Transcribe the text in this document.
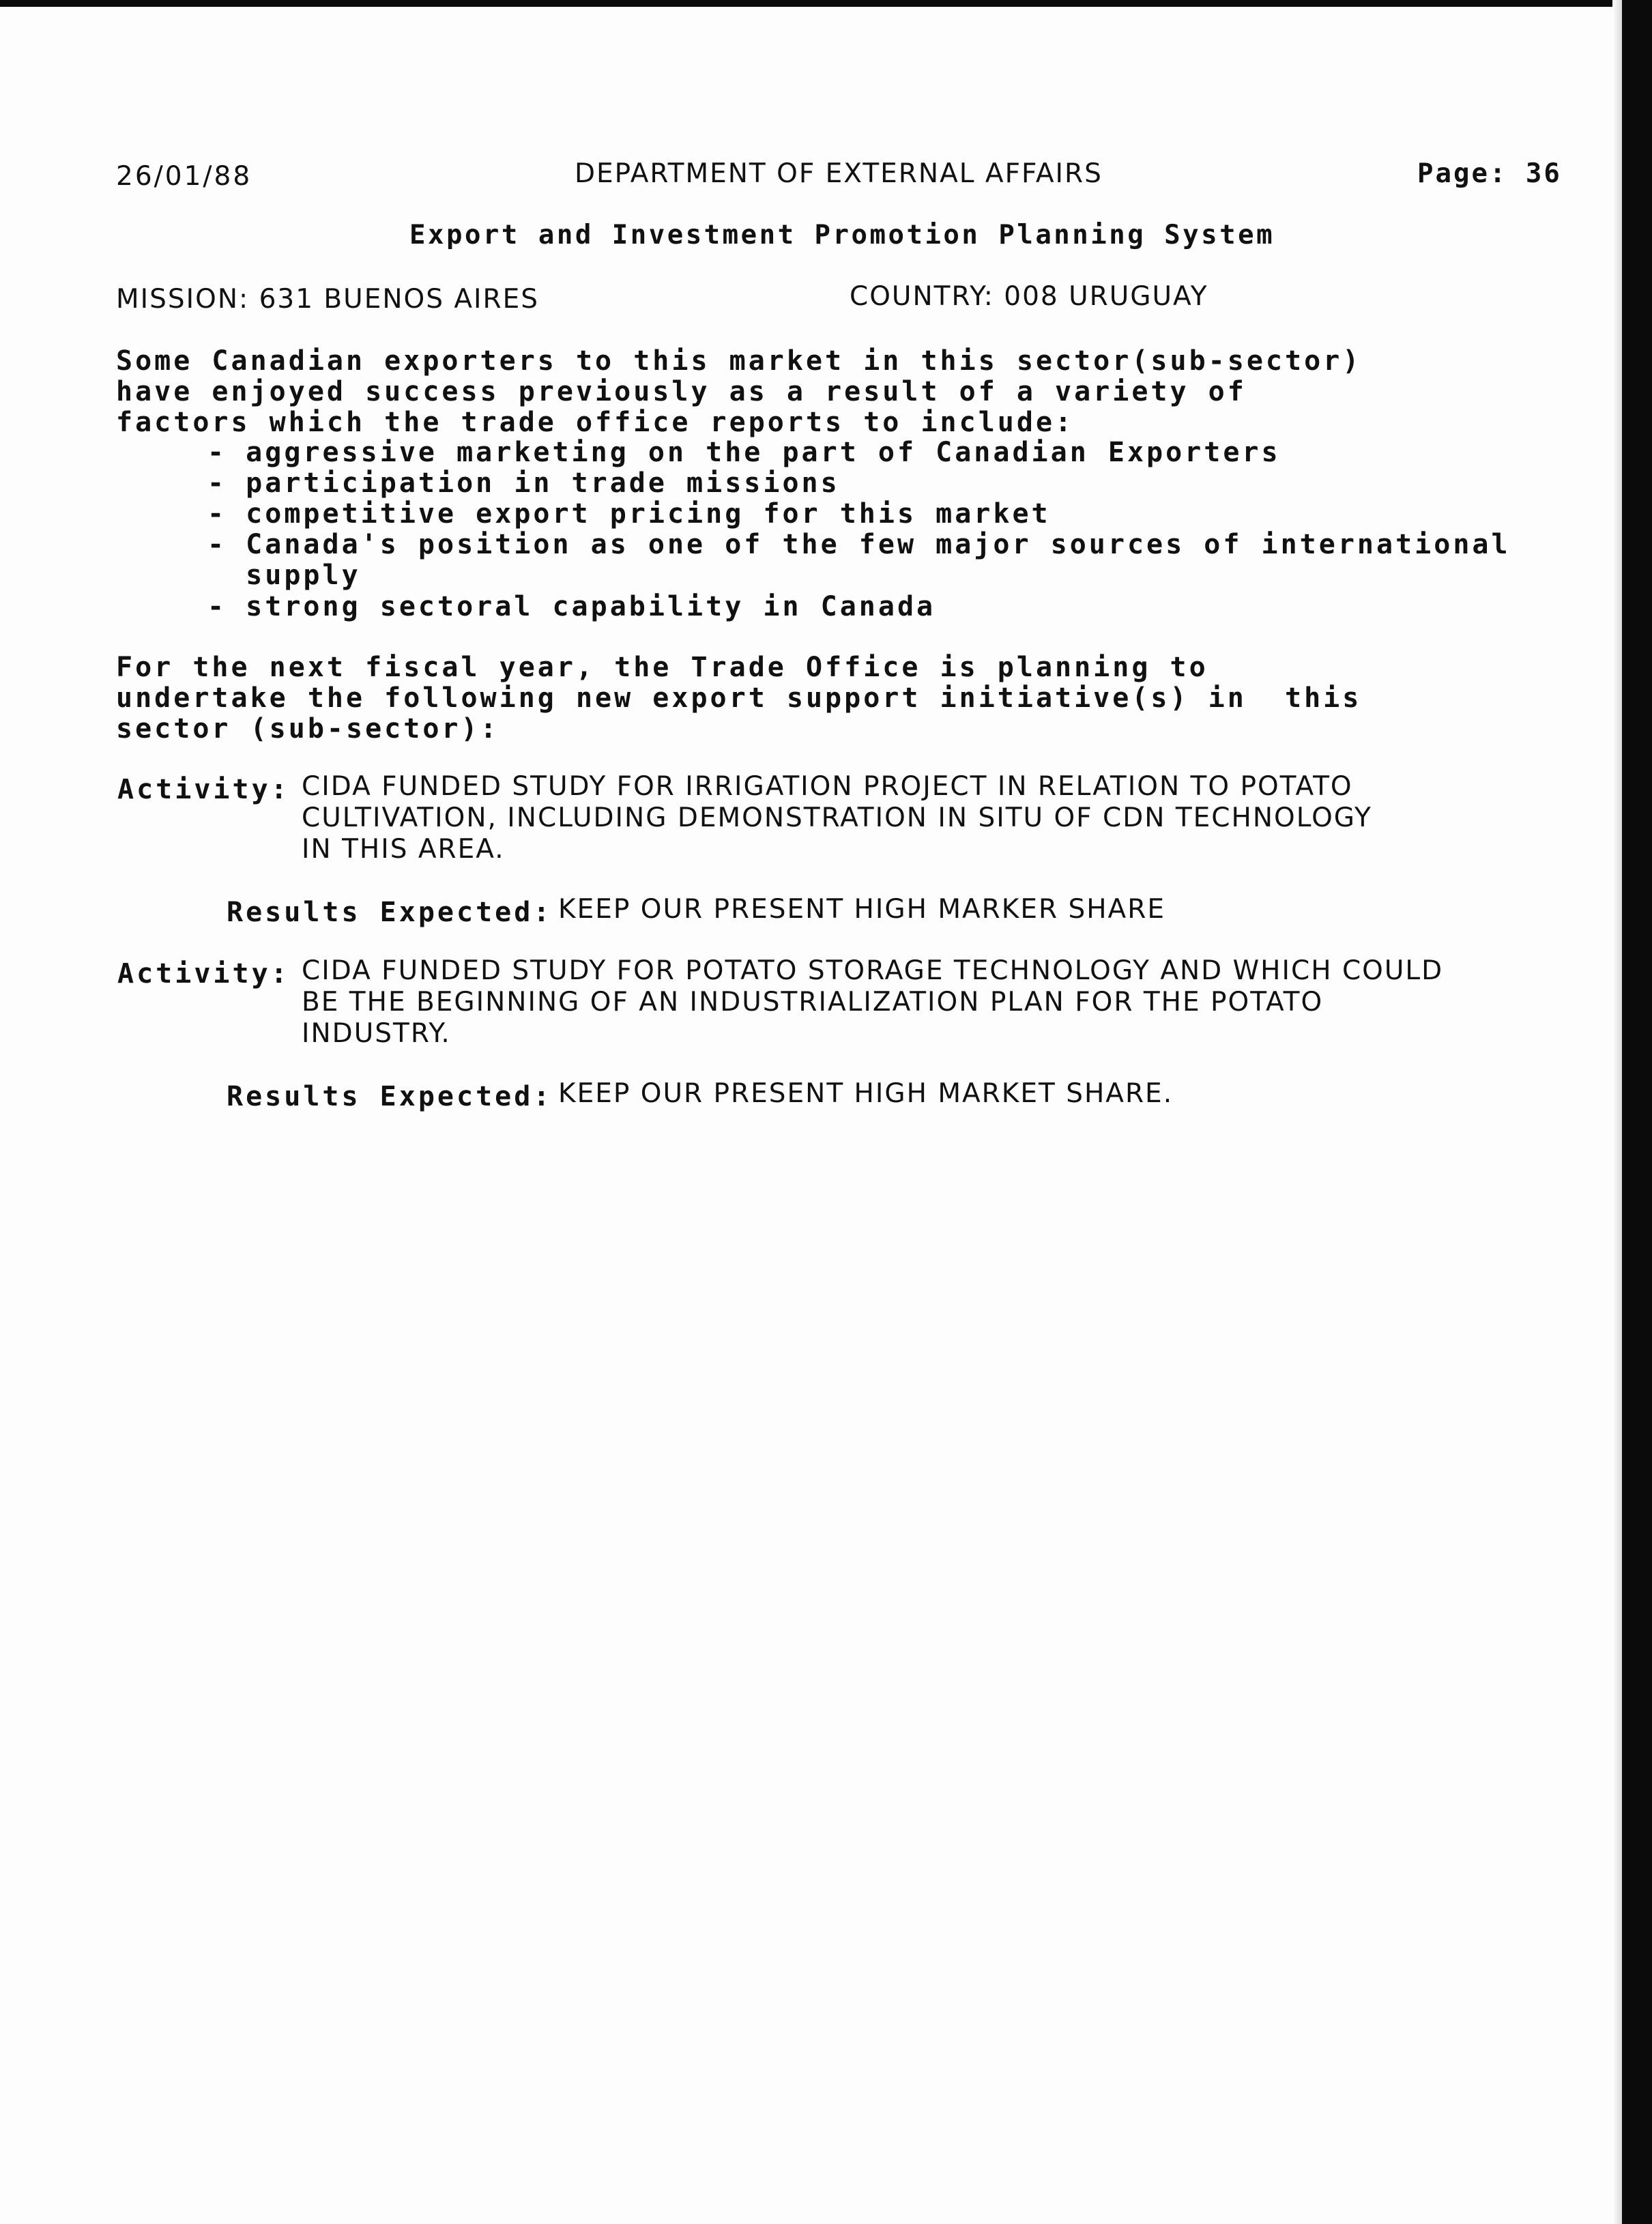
26/01/88	DEPARTMENT OF EXTERNAL AFFAIRS	Page: 36
Export and Investment Promotion Planning System
MISSION: 631 BUENOS AIRES	COUNTRY: 008 URUGUAY
Some Canadian exporters to this market in this sector(sub-sector)
have enjoyed success previously as a result of a variety of
factors which the trade office reports to include:
- aggressive marketing on the part of Canadian Exporters
- participation in trade missions
- competitive export pricing for this market
- Canada's position as one of the few major sources of international
supply
- strong sectoral capability in Canada
For the next fiscal year, the Trade Office is planning to
undertake the following new export support initiative(s) in  this
sector (sub-sector):
Activity: CIDA FUNDED STUDY FOR IRRIGATION PROJECT IN RELATION TO POTATO
CULTIVATION, INCLUDING DEMONSTRATION IN SITU OF CDN TECHNOLOGY
IN THIS AREA.
Results Expected: KEEP OUR PRESENT HIGH MARKER SHARE
Activity: CIDA FUNDED STUDY FOR POTATO STORAGE TECHNOLOGY AND WHICH COULD
BE THE BEGINNING OF AN INDUSTRIALIZATION PLAN FOR THE POTATO
INDUSTRY.
Results Expected: KEEP OUR PRESENT HIGH MARKET SHARE.
